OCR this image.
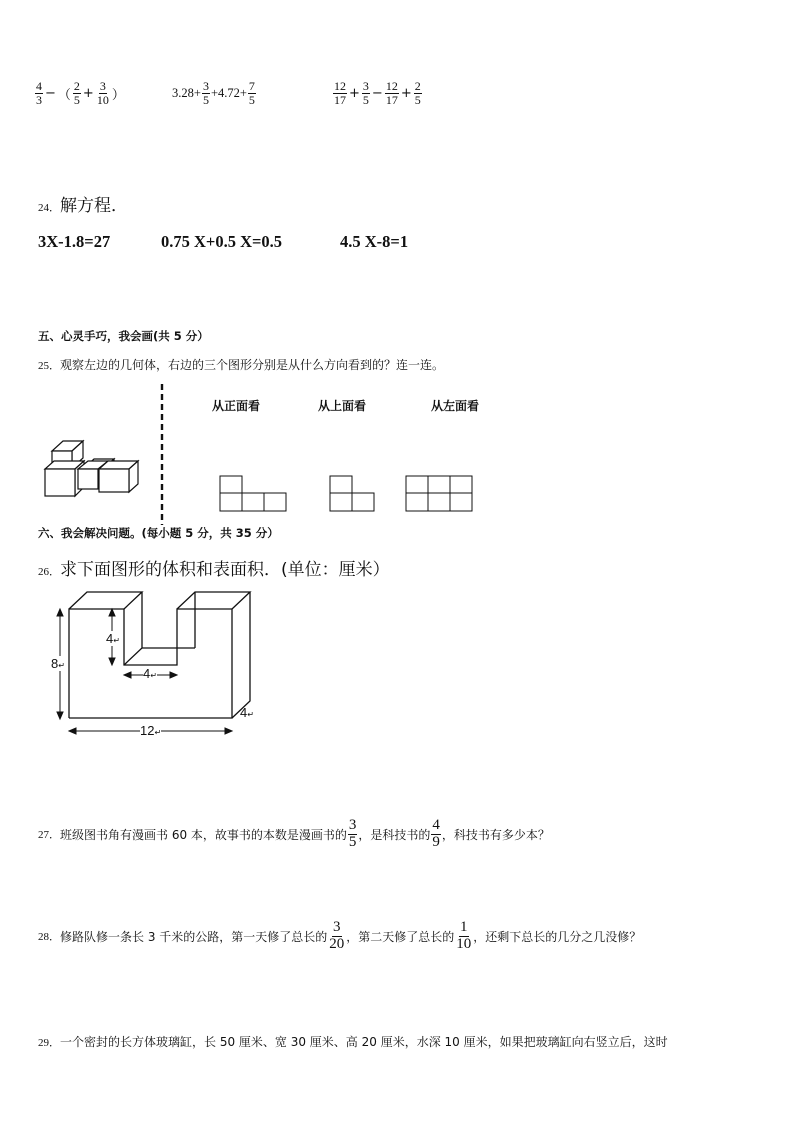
$\frac{4}{3}$ − （ $\frac{2}{5} + \frac{3}{10}$ ）	$3.28+ \frac{3}{5} +4.72+ \frac{7}{5}$	$\frac{12}{17} + \frac{3}{5} - \frac{12}{17} + \frac{2}{5}$
24．解方程．
3X-1.8=27	0.75 X+0.5 X=0.5	4.5 X-8=1
五、心灵手巧，我会画(共 5 分）
25．观察左边的几何体，右边的三个图形分别是从什么方向看到的？连一连。
从正面看	从上面看	从左面看
六、我会解决问题。(每小题 5 分，共 35 分）
26．求下面图形的体积和表面积．(单位：厘米）
8↵
4↵
4↵
12↵
4↵
27． 班级图书角有漫画书 60 本，故事书的本数是漫画书的 $\frac{3}{5}$ ，是科技书的 $\frac{4}{9}$ ，科技书有多少本？
28． 修路队修一条长 3 千米的公路，第一天修了总长的 $\frac{3}{20}$ ，第二天修了总长的 $\frac{1}{10}$ ，还剩下总长的几分之几没修？
29．一个密封的长方体玻璃缸，长 50 厘米、宽 30 厘米、高 20 厘米，水深 10 厘米，如果把玻璃缸向右竖立后，这时
